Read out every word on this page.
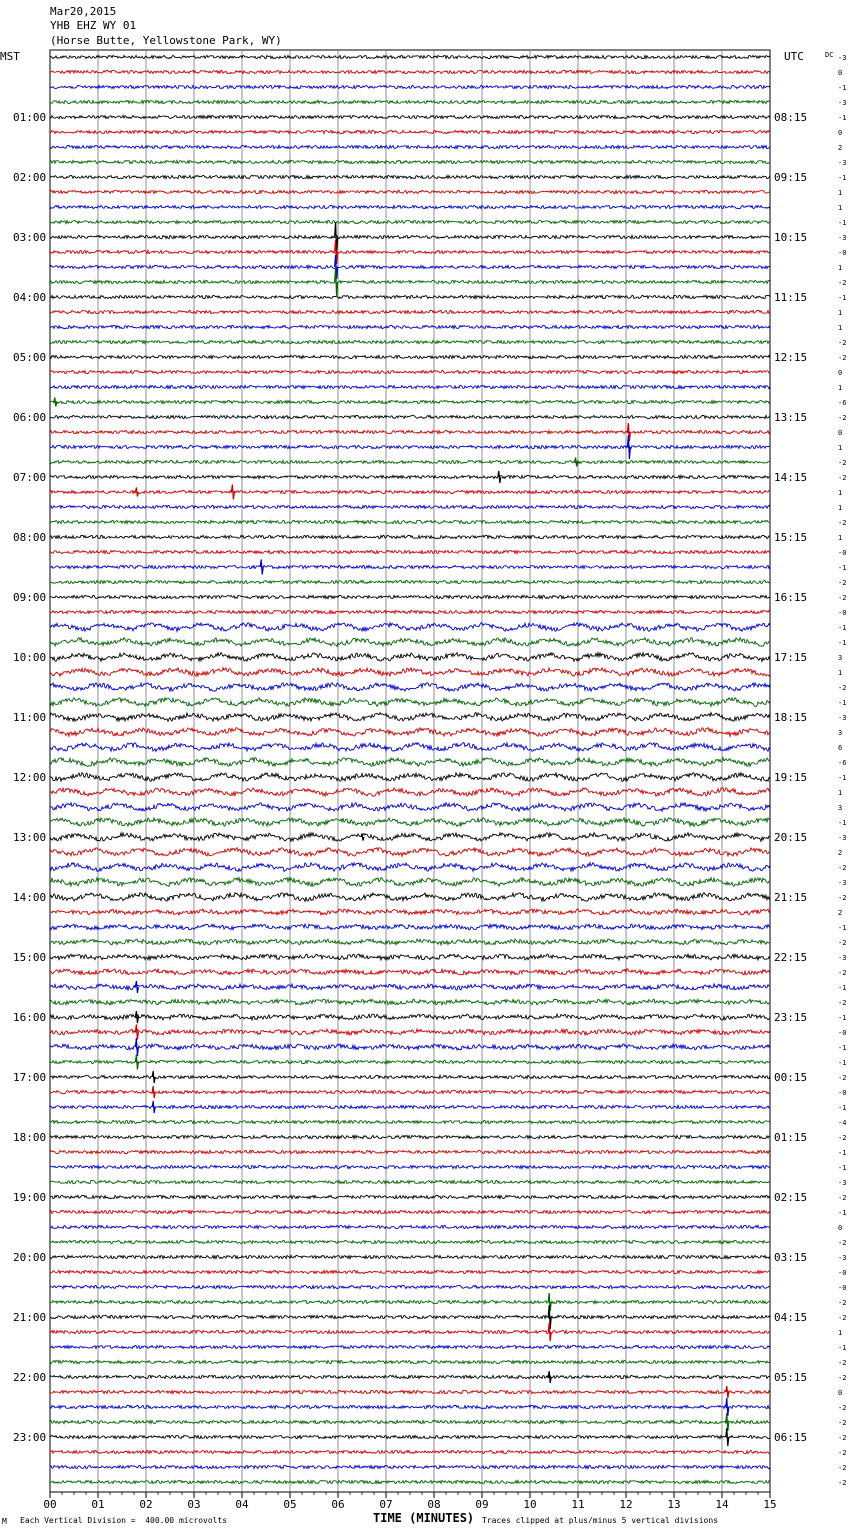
Mar20,2015
YHB EHZ WY 01
(Horse Butte, Yellowstone Park, WY)
00	01	02	03	04	05	06	07	08	09	10	11	12	13	14	15
MST	UTC	DC
01:00
02:00
03:00
04:00
05:00
06:00
07:00
08:00
09:00
10:00
11:00
12:00
13:00
14:00
15:00
16:00
17:00
18:00
19:00
20:00
21:00
22:00
23:00
08:15
09:15
10:15
11:15
12:15
13:15
14:15
15:15
16:15
17:15
18:15
19:15
20:15
21:15
22:15
23:15
00:15
01:15
02:15
03:15
04:15
05:15
06:15
-3
0
-1
-3
-1
0
2
-3
-1
1
1
-1
-3
-0
1
-2
-1
1
1
-2
-2
0
1
-6
-2
0
1
-2
-2
1
1
-2
1
-0
-1
-2
-2
-0
-1
-1
3
1
-2
-1
-3
3
6
-6
-1
1
3
-1
-3
2
-2
-3
-2
2
-1
-2
-3
-2
-1
-2
-1
-0
-1
-1
-2
-0
-1
-4
-2
-1
-1
-3
-2
-1
0
-2
-3
-0
-0
-2
-2
1
-1
-2
-2
0
-2
-2
-2
-2
-2
-2
TIME (MINUTES)
M Each Vertical Division =  400.00 microvolts	Traces clipped at plus/minus 5 vertical divisions
